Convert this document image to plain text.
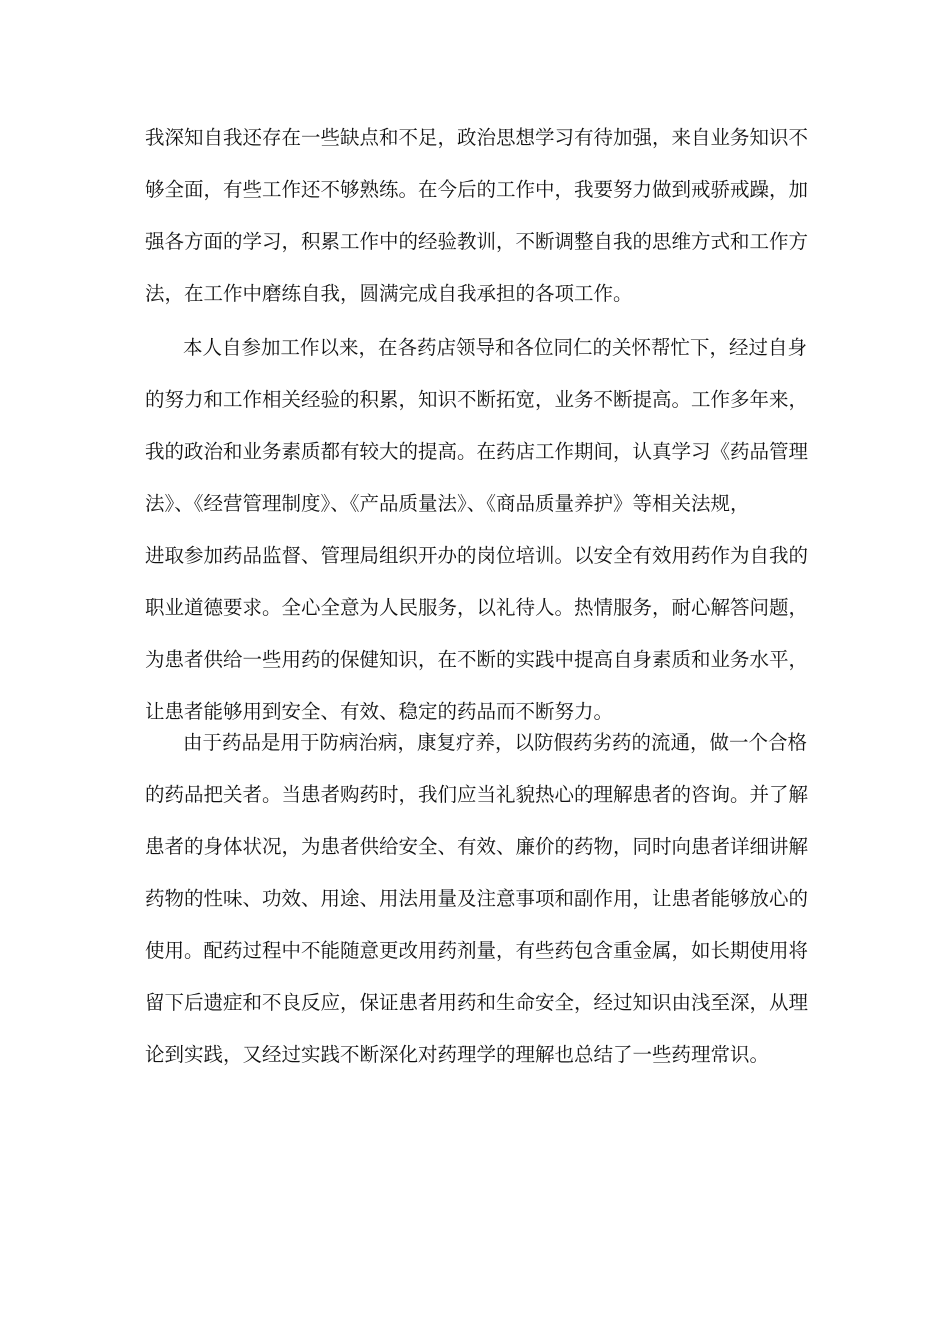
我深知自我还存在一些缺点和不足，政治思想学习有待加强，来自业务知识不
够全面，有些工作还不够熟练。在今后的工作中，我要努力做到戒骄戒躁，加
强各方面的学习，积累工作中的经验教训，不断调整自我的思维方式和工作方
法，在工作中磨练自我，圆满完成自我承担的各项工作。
本人自参加工作以来，在各药店领导和各位同仁的关怀帮忙下，经过自身
的努力和工作相关经验的积累，知识不断拓宽，业务不断提高。工作多年来，
我的政治和业务素质都有较大的提高。在药店工作期间，认真学习《药品管理
法》、《经营管理制度》、《产品质量法》、《商品质量养护》等相关法规，
进取参加药品监督、管理局组织开办的岗位培训。以安全有效用药作为自我的
职业道德要求。全心全意为人民服务，以礼待人。热情服务，耐心解答问题，
为患者供给一些用药的保健知识，在不断的实践中提高自身素质和业务水平，
让患者能够用到安全、有效、稳定的药品而不断努力。
由于药品是用于防病治病，康复疗养，以防假药劣药的流通，做一个合格
的药品把关者。当患者购药时，我们应当礼貌热心的理解患者的咨询。并了解
患者的身体状况，为患者供给安全、有效、廉价的药物，同时向患者详细讲解
药物的性味、功效、用途、用法用量及注意事项和副作用，让患者能够放心的
使用。配药过程中不能随意更改用药剂量，有些药包含重金属，如长期使用将
留下后遗症和不良反应，保证患者用药和生命安全，经过知识由浅至深，从理
论到实践，又经过实践不断深化对药理学的理解也总结了一些药理常识。
